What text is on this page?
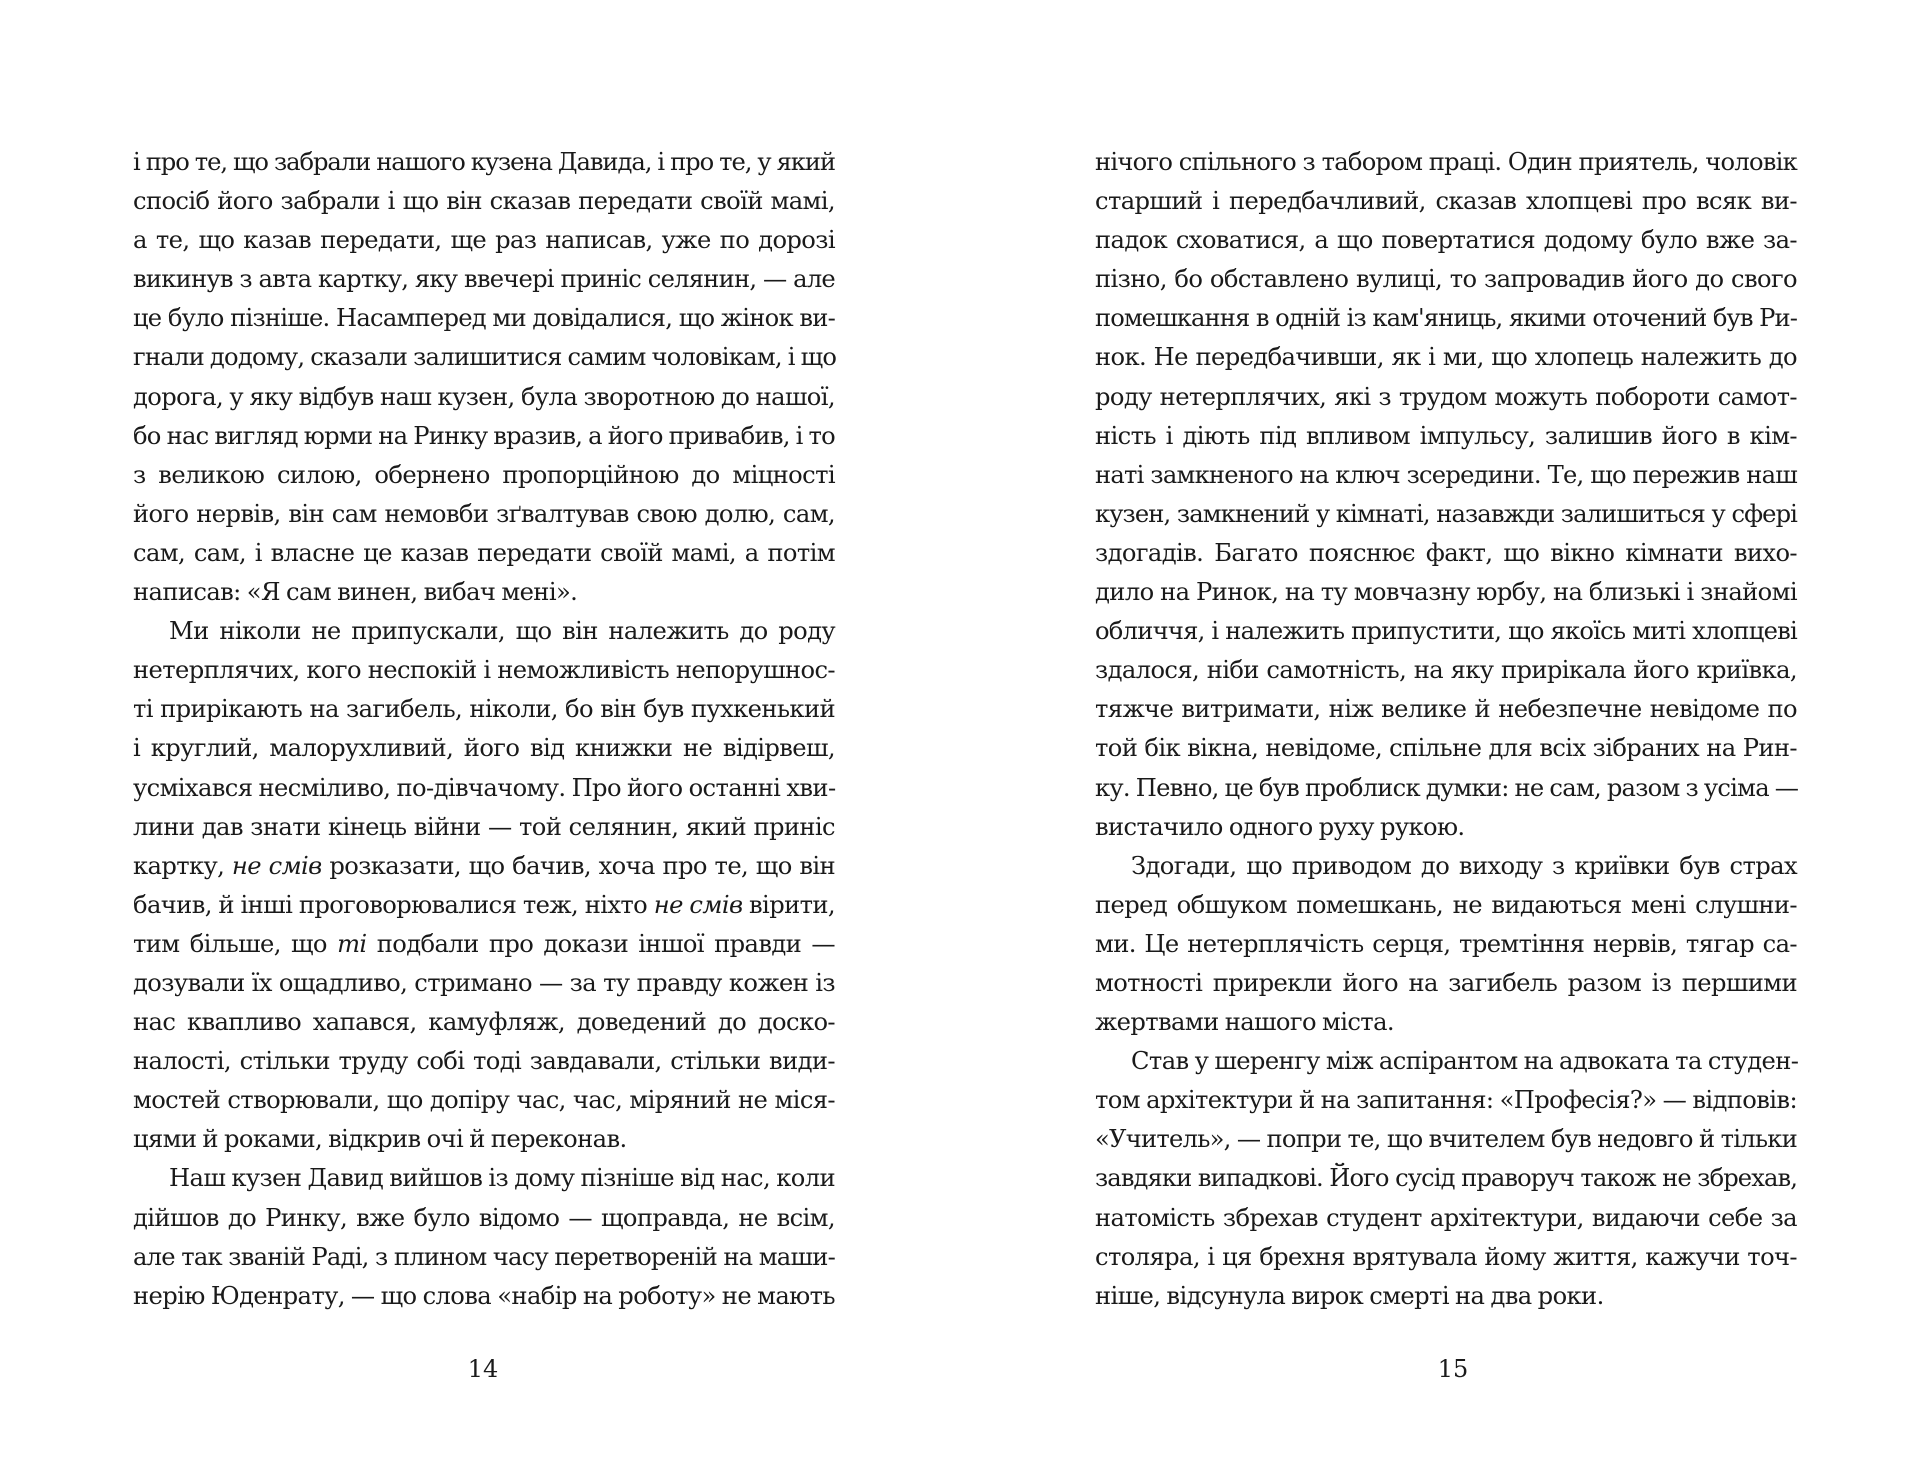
і про те, що забрали нашого кузена Давида, і про те, у який
спосіб його забрали і що він сказав передати своїй мамі,
а те, що казав передати, ще раз написав, уже по дорозі
викинув з авта картку, яку ввечері приніс селянин, — але
це було пізніше. Насамперед ми довідалися, що жінок ви-
гнали додому, сказали залишитися самим чоловікам, і що
дорога, у яку відбув наш кузен, була зворотною до нашої,
бо нас вигляд юрми на Ринку вразив, а його привабив, і то
з великою силою, обернено пропорційною до міцності
його нервів, він сам немовби зґвалтував свою долю, сам,
сам, сам, і власне це казав передати своїй мамі, а потім
написав: «Я сам винен, вибач мені».
Ми ніколи не припускали, що він належить до роду
нетерплячих, кого неспокій і неможливість непорушнос-
ті прирікають на загибель, ніколи, бо він був пухкенький
і круглий, малорухливий, його від книжки не відірвеш,
усміхався несміливо, по-дівчачому. Про його останні хви-
лини дав знати кінець війни — той селянин, який приніс
картку, не смів розказати, що бачив, хоча про те, що він
бачив, й інші проговорювалися теж, ніхто не смів вірити,
тим більше, що ті подбали про докази іншої правди —
дозували їх ощадливо, стримано — за ту правду кожен із
нас квапливо хапався, камуфляж, доведений до доско-
налості, стільки труду собі тоді завдавали, стільки види-
мостей створювали, що допіру час, час, міряний не міся-
цями й роками, відкрив очі й переконав.
Наш кузен Давид вийшов із дому пізніше від нас, коли
дійшов до Ринку, вже було відомо — щоправда, не всім,
але так званій Раді, з плином часу перетвореній на маши-
нерію Юденрату, — що слова «набір на роботу» не мають
14
нічого спільного з табором праці. Один приятель, чоловік
старший і передбачливий, сказав хлопцеві про всяк ви-
падок сховатися, а що повертатися додому було вже за-
пізно, бо обставлено вулиці, то запровадив його до свого
помешкання в одній із кам'яниць, якими оточений був Ри-
нок. Не передбачивши, як і ми, що хлопець належить до
роду нетерплячих, які з трудом можуть побороти самот-
ність і діють під впливом імпульсу, залишив його в кім-
наті замкненого на ключ зсередини. Те, що пережив наш
кузен, замкнений у кімнаті, назавжди залишиться у сфері
здогадів. Багато пояснює факт, що вікно кімнати вихо-
дило на Ринок, на ту мовчазну юрбу, на близькі і знайомі
обличчя, і належить припустити, що якоїсь миті хлопцеві
здалося, ніби самотність, на яку прирікала його криївка,
тяжче витримати, ніж велике й небезпечне невідоме по
той бік вікна, невідоме, спільне для всіх зібраних на Рин-
ку. Певно, це був проблиск думки: не сам, разом з усіма —
вистачило одного руху рукою.
Здогади, що приводом до виходу з криївки був страх
перед обшуком помешкань, не видаються мені слушни-
ми. Це нетерплячість серця, тремтіння нервів, тягар са-
мотності прирекли його на загибель разом із першими
жертвами нашого міста.
Став у шеренгу між аспірантом на адвоката та студен-
том архітектури й на запитання: «Професія?» — відповів:
«Учитель», — попри те, що вчителем був недовго й тільки
завдяки випадкові. Його сусід праворуч також не збрехав,
натомість збрехав студент архітектури, видаючи себе за
столяра, і ця брехня врятувала йому життя, кажучи точ-
ніше, відсунула вирок смерті на два роки.
15
